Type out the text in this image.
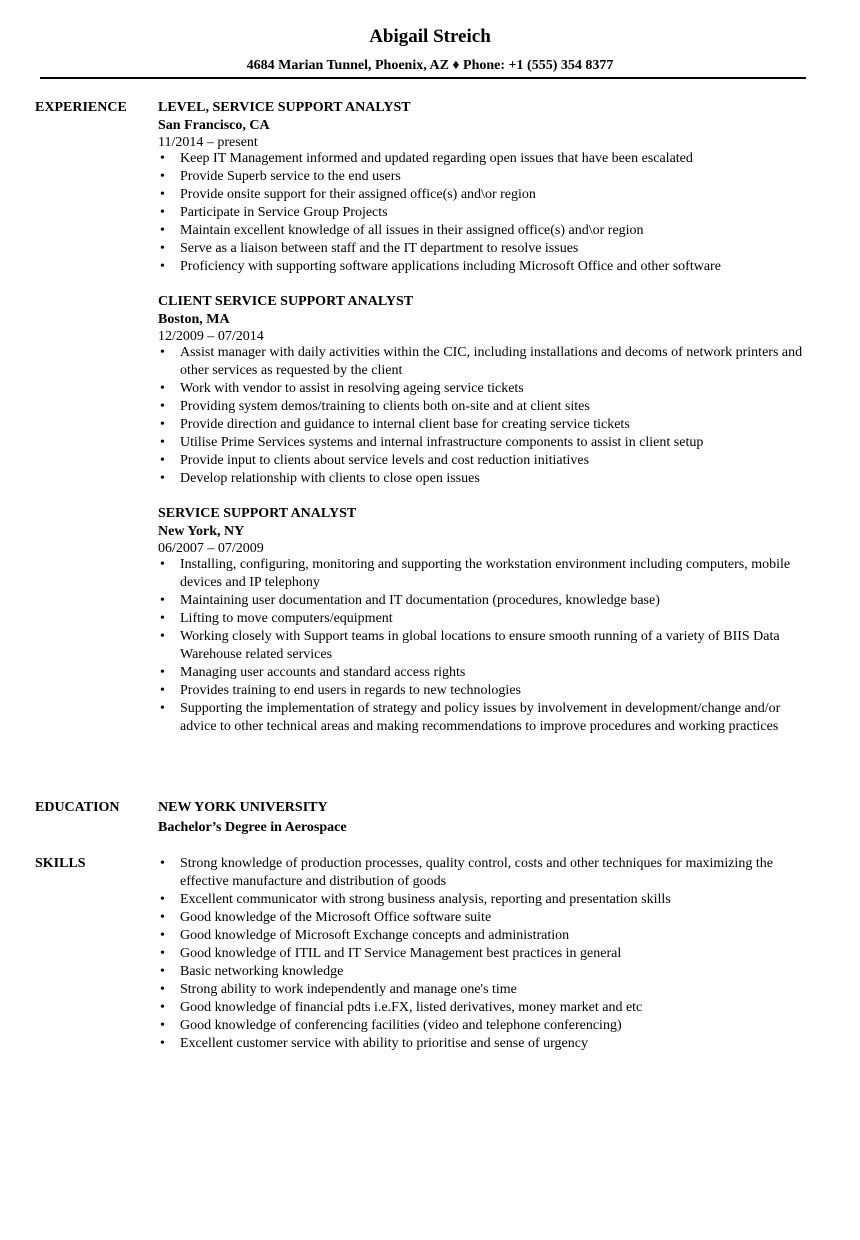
Abigail Streich
4684 Marian Tunnel, Phoenix, AZ ♦ Phone: +1 (555) 354 8377
EXPERIENCE LEVEL, SERVICE SUPPORT ANALYST
San Francisco, CA
11/2014 – present
• Keep IT Management informed and updated regarding open issues that have been escalated
• Provide Superb service to the end users
• Provide onsite support for their assigned office(s) and\or region
• Participate in Service Group Projects
• Maintain excellent knowledge of all issues in their assigned office(s) and\or region
• Serve as a liaison between staff and the IT department to resolve issues
• Proficiency with supporting software applications including Microsoft Office and other software
CLIENT SERVICE SUPPORT ANALYST
Boston, MA
12/2009 – 07/2014
• Assist manager with daily activities within the CIC, including installations and decoms of network printers and other services as requested by the client
• Work with vendor to assist in resolving ageing service tickets
• Providing system demos/training to clients both on-site and at client sites
• Provide direction and guidance to internal client base for creating service tickets
• Utilise Prime Services systems and internal infrastructure components to assist in client setup
• Provide input to clients about service levels and cost reduction initiatives
• Develop relationship with clients to close open issues
SERVICE SUPPORT ANALYST
New York, NY
06/2007 – 07/2009
• Installing, configuring, monitoring and supporting the workstation environment including computers, mobile devices and IP telephony
• Maintaining user documentation and IT documentation (procedures, knowledge base)
• Lifting to move computers/equipment
• Working closely with Support teams in global locations to ensure smooth running of a variety of BIIS Data Warehouse related services
• Managing user accounts and standard access rights
• Provides training to end users in regards to new technologies
• Supporting the implementation of strategy and policy issues by involvement in development/change and/or advice to other technical areas and making recommendations to improve procedures and working practices
EDUCATION	NEW YORK UNIVERSITY
Bachelor’s Degree in Aerospace
SKILLS	• Strong knowledge of production processes, quality control, costs and other techniques for maximizing the effective manufacture and distribution of goods
• Excellent communicator with strong business analysis, reporting and presentation skills
• Good knowledge of the Microsoft Office software suite
• Good knowledge of Microsoft Exchange concepts and administration
• Good knowledge of ITIL and IT Service Management best practices in general
• Basic networking knowledge
• Strong ability to work independently and manage one's time
• Good knowledge of financial pdts i.e.FX, listed derivatives, money market and etc
• Good knowledge of conferencing facilities (video and telephone conferencing)
• Excellent customer service with ability to prioritise and sense of urgency
